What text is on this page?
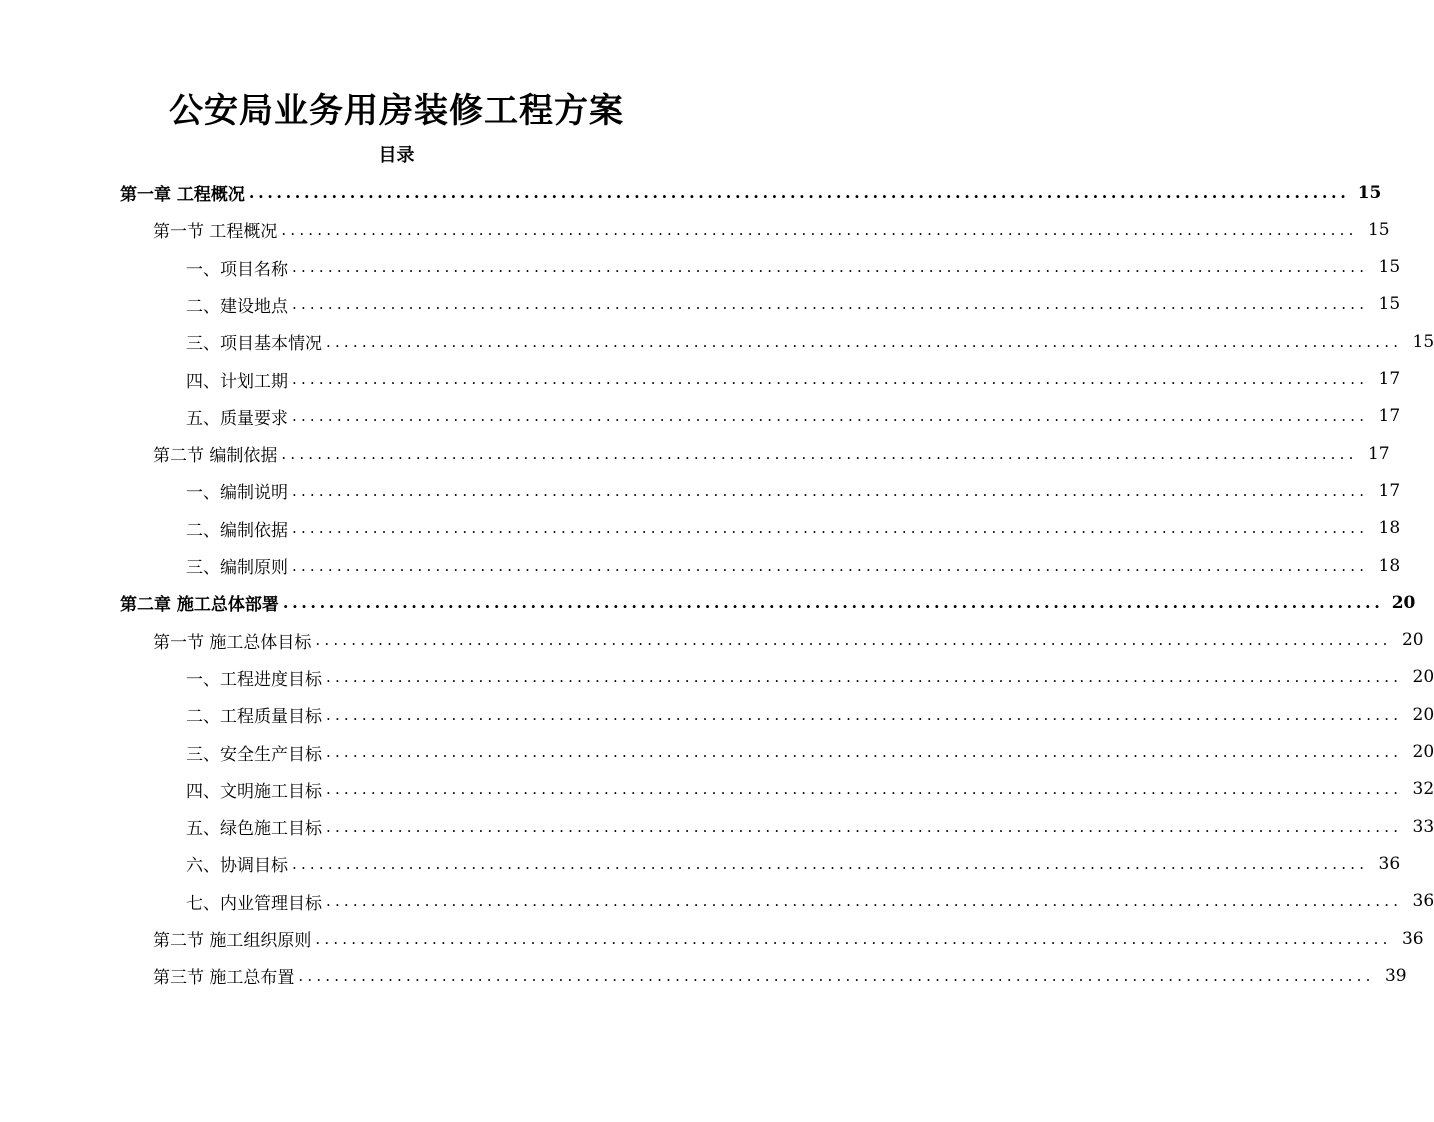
公安局业务用房装修工程方案
目录
第一章 工程概况 ........................................................................................................................ 15
第一节 工程概况 ........................................................................................................................ 15
一、项目名称 ........................................................................................................................ 15
二、建设地点 ........................................................................................................................ 15
三、项目基本情况 ........................................................................................................................ 15
四、计划工期 ........................................................................................................................ 17
五、质量要求 ........................................................................................................................ 17
第二节 编制依据 ........................................................................................................................ 17
一、编制说明 ........................................................................................................................ 17
二、编制依据 ........................................................................................................................ 18
三、编制原则 ........................................................................................................................ 18
第二章 施工总体部署 ........................................................................................................................ 20
第一节 施工总体目标 ........................................................................................................................ 20
一、工程进度目标 ........................................................................................................................ 20
二、工程质量目标 ........................................................................................................................ 20
三、安全生产目标 ........................................................................................................................ 20
四、文明施工目标 ........................................................................................................................ 32
五、绿色施工目标 ........................................................................................................................ 33
六、协调目标 ........................................................................................................................ 36
七、内业管理目标 ........................................................................................................................ 36
第二节 施工组织原则 ........................................................................................................................ 36
第三节 施工总布置 ........................................................................................................................ 39
